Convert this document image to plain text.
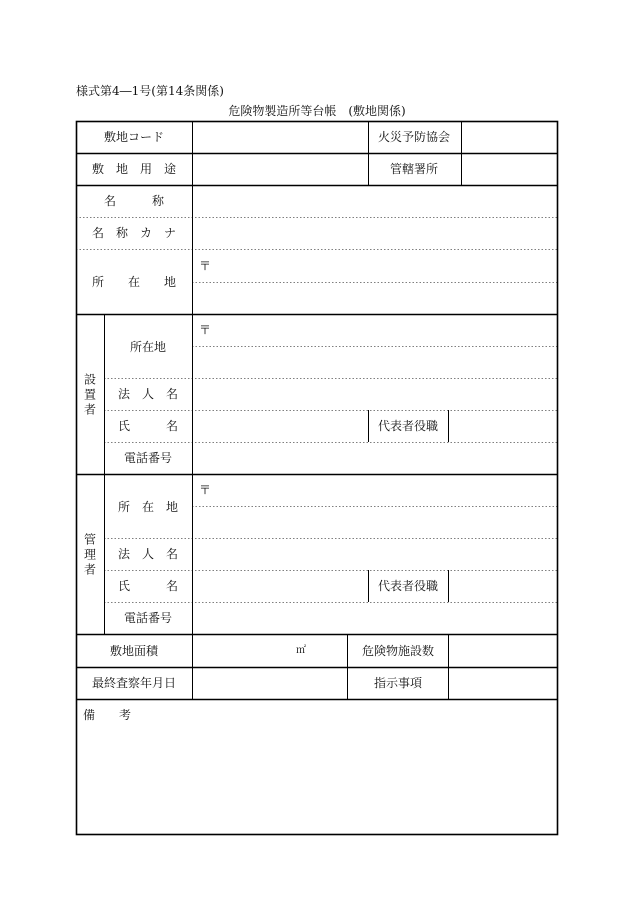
様式第4―1号(第14条関係)
危険物製造所等台帳　(敷地関係)
敷地コード	火災予防協会
敷　地　用　途	管轄署所
名　　　称
名　称　カ　ナ
所　　在　　地
〒
設置者
所在地
〒
法　人　名
氏　　　名	代表者役職
電話番号
管理者
所　在　地
〒
法　人　名
氏　　　名	代表者役職
電話番号
敷地面積	㎡	危険物施設数
最終査察年月日	指示事項
備　　考
